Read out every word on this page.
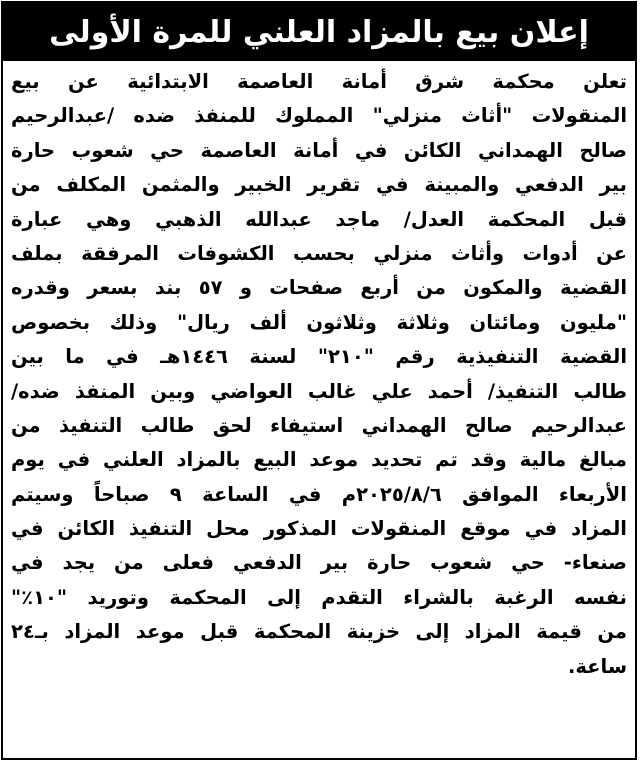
إعلان بيع بالمزاد العلني للمرة الأولى
تعلن محكمة شرق أمانة العاصمة الابتدائية عن بيع
المنقولات "أثاث منزلي" المملوك للمنفذ ضده /عبدالرحيم
صالح الهمداني الكائن في أمانة العاصمة حي شعوب حارة
بير الدفعي والمبينة في تقرير الخبير والمثمن المكلف من
قبل المحكمة العدل/ ماجد عبدالله الذهبي وهي عبارة
عن أدوات وأثاث منزلي بحسب الكشوفات المرفقة بملف
القضية والمكون من أربع صفحات و ٥٧ بند بسعر وقدره
"مليون ومائتان وثلاثة وثلاثون ألف ريال" وذلك بخصوص
القضية التنفيذية رقم "٢١٠" لسنة ١٤٤٦هـ في ما بين
طالب التنفيذ/ أحمد علي غالب العواضي وبين المنفذ ضده/
عبدالرحيم صالح الهمداني استيفاء لحق طالب التنفيذ من
مبالغ مالية وقد تم تحديد موعد البيع بالمزاد العلني في يوم
الأربعاء الموافق ٢٠٢٥/٨/٦م في الساعة ٩ صباحاً وسيتم
المزاد في موقع المنقولات المذكور محل التنفيذ الكائن في
صنعاء- حي شعوب حارة بير الدفعي فعلى من يجد في
نفسه الرغبة بالشراء التقدم إلى المحكمة وتوريد "١٠٪"
من قيمة المزاد إلى خزينة المحكمة قبل موعد المزاد بـ٢٤
ساعة.
